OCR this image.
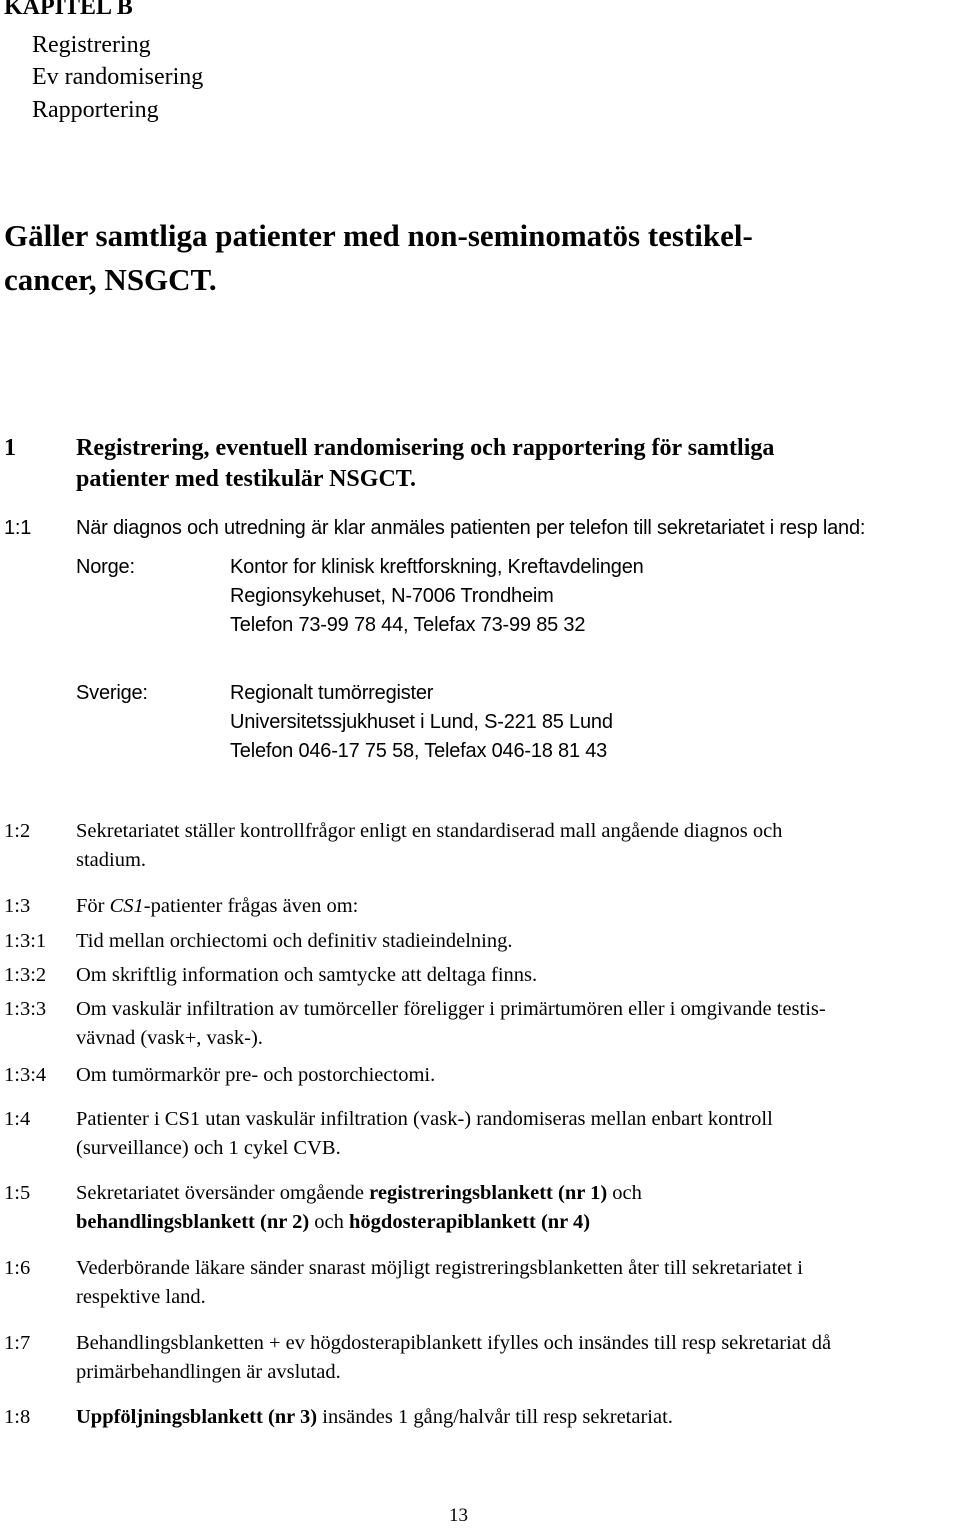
KAPITEL B
Registrering
Ev randomisering
Rapportering
Gäller samtliga patienter med non-seminomatös testikel-
cancer, NSGCT.
1	Registrering, eventuell randomisering och rapportering för samtliga
patienter med testikulär NSGCT.
1:1 När diagnos och utredning är klar anmäles patienten per telefon till sekretariatet i resp land:
Norge:	Kontor for klinisk kreftforskning, Kreftavdelingen
Regionsykehuset, N-7006 Trondheim
Telefon 73-99 78 44, Telefax 73-99 85 32
Sverige:	Regionalt tumörregister
Universitetssjukhuset i Lund, S-221 85 Lund
Telefon 046-17 75 58, Telefax 046-18 81 43
1:2 Sekretariatet ställer kontrollfrågor enligt en standardiserad mall angående diagnos och
stadium.
1:3 För CS1-patienter frågas även om:
1:3:1 Tid mellan orchiectomi och definitiv stadieindelning.
1:3:2 Om skriftlig information och samtycke att deltaga finns.
1:3:3 Om vaskulär infiltration av tumörceller föreligger i primärtumören eller i omgivande testis-
vävnad (vask+, vask-).
1:3:4 Om tumörmarkör pre- och postorchiectomi.
1:4 Patienter i CS1 utan vaskulär infiltration (vask-) randomiseras mellan enbart kontroll
(surveillance) och 1 cykel CVB.
1:5 Sekretariatet översänder omgående registreringsblankett (nr 1) och
behandlingsblankett (nr 2) och högdosterapiblankett (nr 4)
1:6 Vederbörande läkare sänder snarast möjligt registreringsblanketten åter till sekretariatet i
respektive land.
1:7 Behandlingsblanketten + ev högdosterapiblankett ifylles och insändes till resp sekretariat då
primärbehandlingen är avslutad.
1:8 Uppföljningsblankett (nr 3) insändes 1 gång/halvår till resp sekretariat.
13
